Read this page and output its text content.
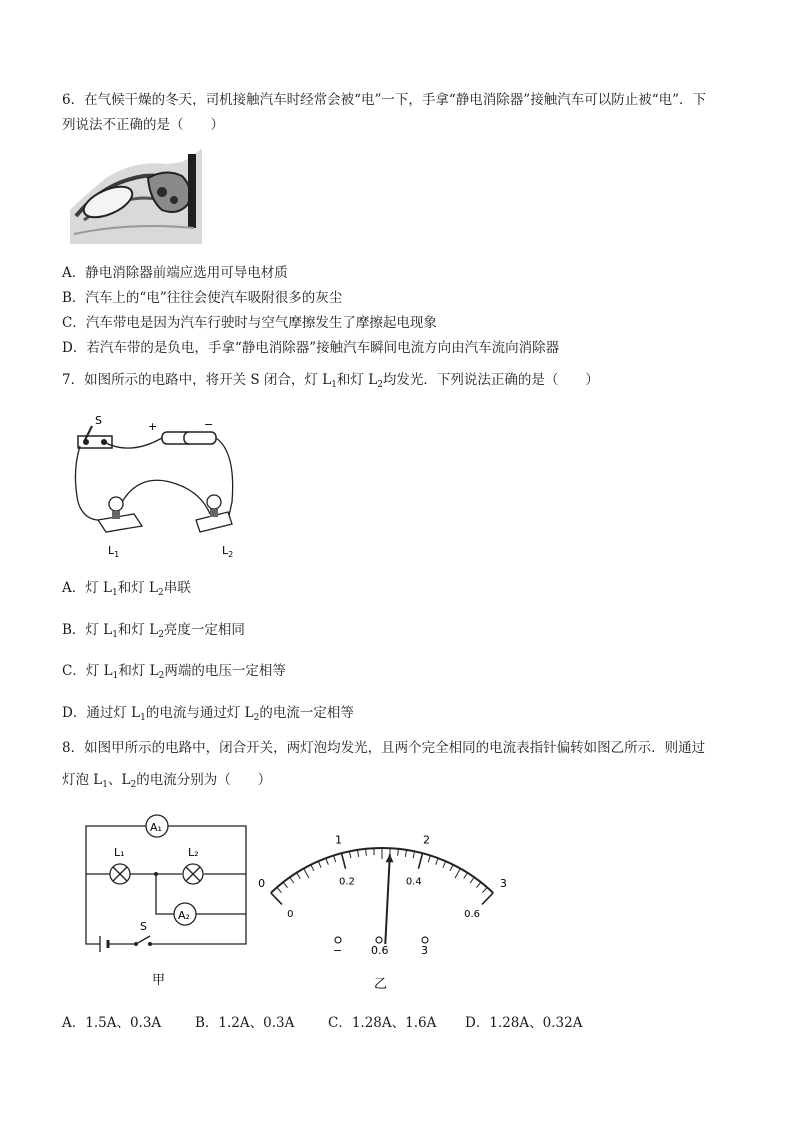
6．在气候干燥的冬天，司机接触汽车时经常会被“电”一下，手拿“静电消除器”接触汽车可以防止被“电”．下
列说法不正确的是（　　）
A．静电消除器前端应选用可导电材质
B．汽车上的“电”往往会使汽车吸附很多的灰尘
C．汽车带电是因为汽车行驶时与空气摩擦发生了摩擦起电现象
D．若汽车带的是负电，手拿“静电消除器”接触汽车瞬间电流方向由汽车流向消除器
7．如图所示的电路中，将开关 S 闭合，灯 $L_1$和灯 $L_2$均发光．下列说法正确的是（　　）
S	+	−
$L_1$	$L_2$
A．灯 $L_1$和灯 $L_2$串联
B．灯 $L_1$和灯 $L_2$亮度一定相同
C．灯 $L_1$和灯 $L_2$两端的电压一定相等
D．通过灯 $L_1$的电流与通过灯 $L_2$的电流一定相等
8．如图甲所示的电路中，闭合开关，两灯泡均发光，且两个完全相同的电流表指针偏转如图乙所示．则通过
灯泡 $L_1$、$L_2$的电流分别为（　　）
A₁
L₁	L₂
A₂
S
甲
0
1	2
3
0
0.2	0.4
0.6
−	0.6	3
乙
A．1.5A、0.3A	B．1.2A、0.3A C．1.28A、1.6A D．1.28A、0.32A
